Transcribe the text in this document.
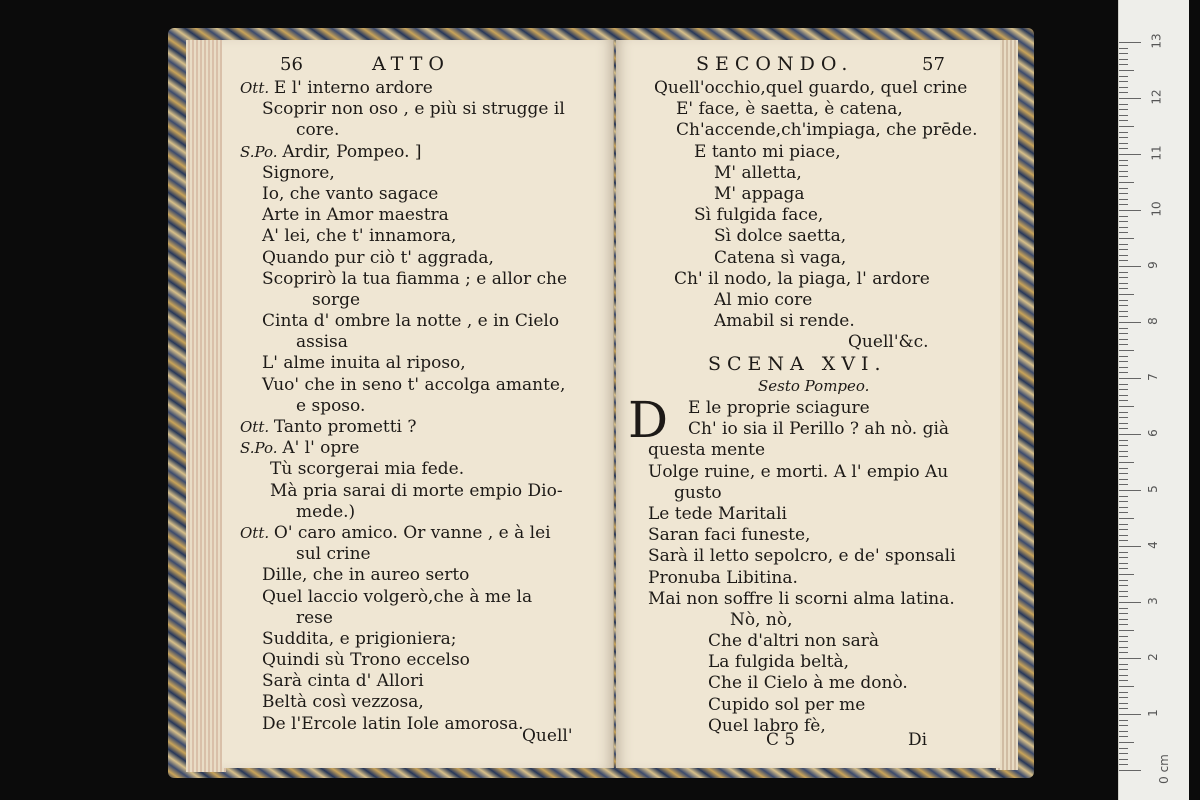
56	ATTO
Ott. E l' interno ardore
Scoprir non oso , e più si strugge il
core.
S.Po. Ardir, Pompeo. ]
Signore,
Io, che vanto sagace
Arte in Amor maestra
A' lei, che t' innamora,
Quando pur ciò t' aggrada,
Scoprirò la tua fiamma ; e allor che
sorge
Cinta d' ombre la notte , e in Cielo
assisa
L' alme inuita al riposo,
Vuo' che in seno t' accolga amante,
e sposo.
Ott. Tanto prometti ?
S.Po. A' l' opre
Tù scorgerai mia fede.
Mà pria sarai di morte empio Dio-
mede.)
Ott. O' caro amico. Or vanne , e à lei
sul crine
Dille, che in aureo serto
Quel laccio volgerò,che à me la
rese
Suddita, e prigioniera;
Quindi sù Trono eccelso
Sarà cinta d' Allori
Beltà così vezzosa,
De l'Ercole latin Iole amorosa.
Quell'
SECONDO.	57
Quell'occhio,quel guardo, quel crine
E' face, è saetta, è catena,
Ch'accende,ch'impiaga, che prēde.
E tanto mi piace,
M' alletta,
M' appaga
Sì fulgida face,
Sì dolce saetta,
Catena sì vaga,
Ch' il nodo, la piaga, l' ardore
Al mio core
Amabil si rende.
Quell'&c.
SCENA XVI.
Sesto Pompeo.
D	E le proprie sciagure
Ch' io sia il Perillo ? ah nò. già
questa mente
Uolge ruine, e morti. A l' empio Au
gusto
Le tede Maritali
Saran faci funeste,
Sarà il letto sepolcro, e de' sponsali
Pronuba Libitina.
Mai non soffre li scorni alma latina.
Nò, nò,
Che d'altri non sarà
La fulgida beltà,
Che il Cielo à me donò.
Cupido sol per me
Quel labro fè,
C 5	Di
0 cm
1
2
3
4
5
6
7
8
9
10
11
12
13
